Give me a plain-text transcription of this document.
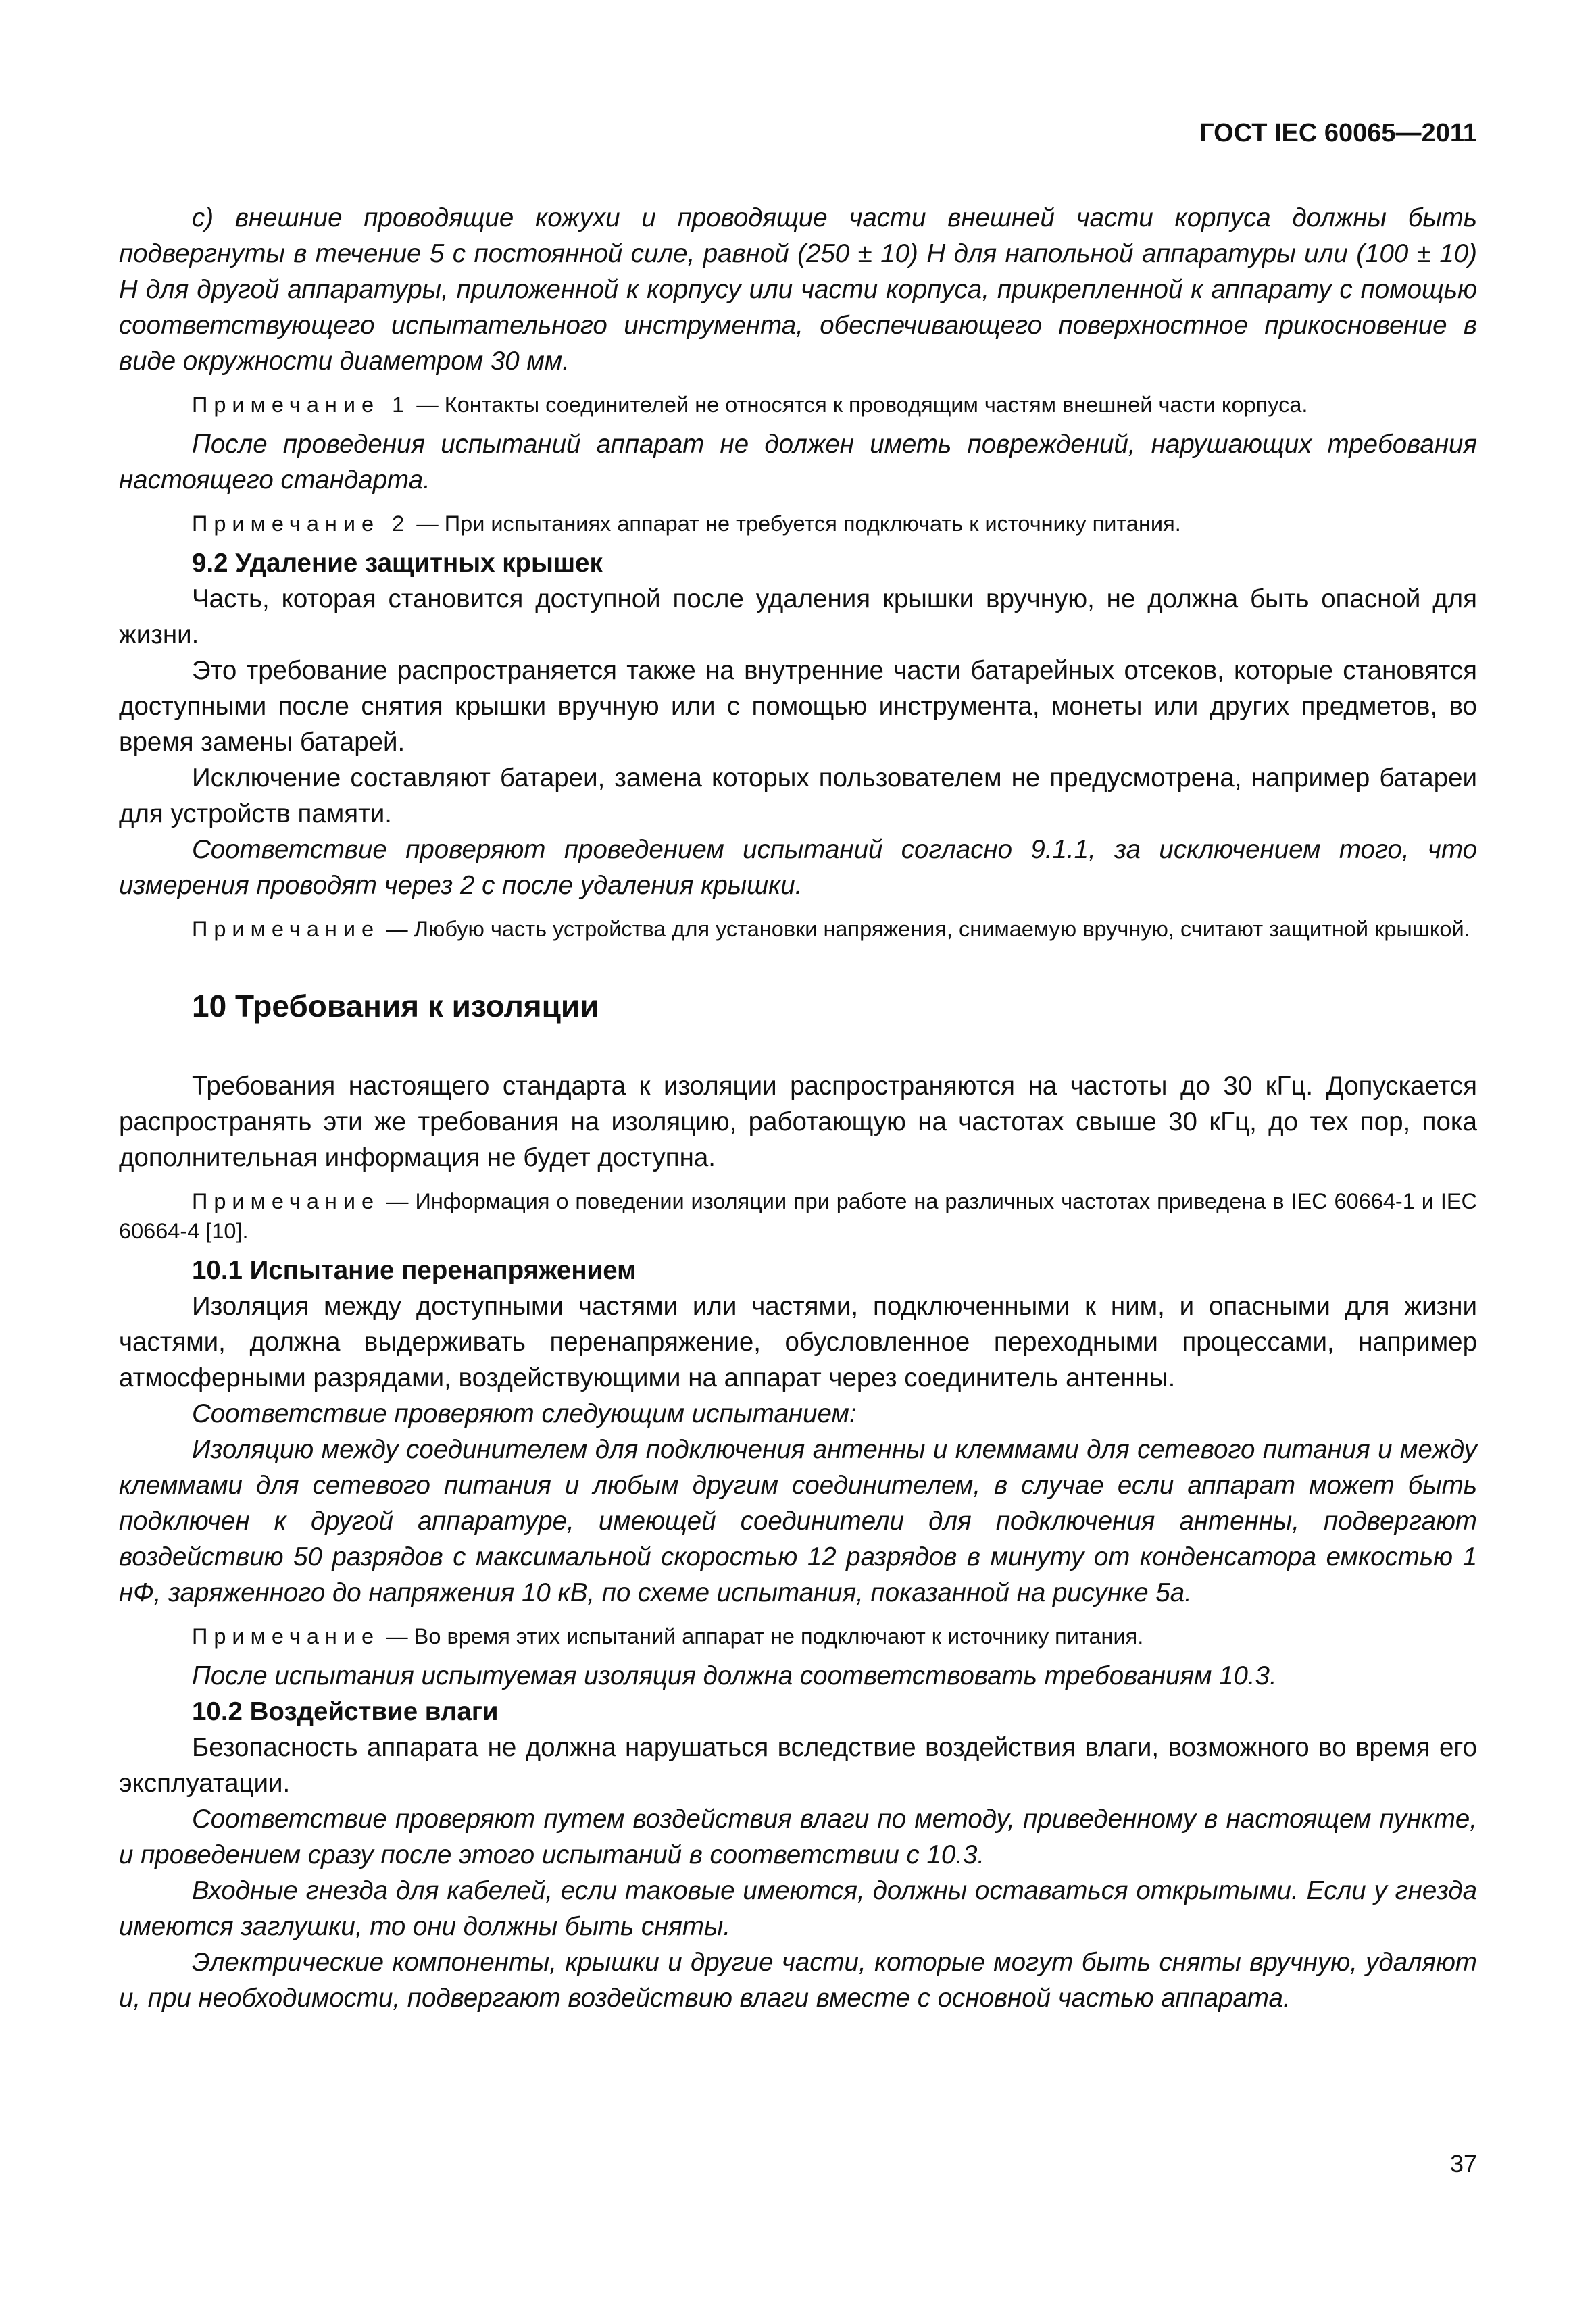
ГОСТ IEC 60065—2011

с) внешние проводящие кожухи и проводящие части внешней части корпуса должны быть подвергнуты в течение 5 с постоянной силе, равной (250 ± 10) Н для напольной аппаратуры или (100 ± 10) Н для другой аппаратуры, приложенной к корпусу или части корпуса, прикрепленной к аппарату с помощью соответствующего испытательного инструмента, обеспечивающего поверхностное прикосновение в виде окружности диаметром 30 мм.

Примечание 1 — Контакты соединителей не относятся к проводящим частям внешней части корпуса.

После проведения испытаний аппарат не должен иметь повреждений, нарушающих требования настоящего стандарта.

Примечание 2 — При испытаниях аппарат не требуется подключать к источнику питания.

9.2 Удаление защитных крышек

Часть, которая становится доступной после удаления крышки вручную, не должна быть опасной для жизни.

Это требование распространяется также на внутренние части батарейных отсеков, которые становятся доступными после снятия крышки вручную или с помощью инструмента, монеты или других предметов, во время замены батарей.

Исключение составляют батареи, замена которых пользователем не предусмотрена, например батареи для устройств памяти.

Соответствие проверяют проведением испытаний согласно 9.1.1, за исключением того, что измерения проводят через 2 с после удаления крышки.

Примечание — Любую часть устройства для установки напряжения, снимаемую вручную, считают защитной крышкой.

10 Требования к изоляции

Требования настоящего стандарта к изоляции распространяются на частоты до 30 кГц. Допускается распространять эти же требования на изоляцию, работающую на частотах свыше 30 кГц, до тех пор, пока дополнительная информация не будет доступна.

Примечание — Информация о поведении изоляции при работе на различных частотах приведена в IEC 60664-1 и IEC 60664-4 [10].

10.1 Испытание перенапряжением

Изоляция между доступными частями или частями, подключенными к ним, и опасными для жизни частями, должна выдерживать перенапряжение, обусловленное переходными процессами, например атмосферными разрядами, воздействующими на аппарат через соединитель антенны.

Соответствие проверяют следующим испытанием:

Изоляцию между соединителем для подключения антенны и клеммами для сетевого питания и между клеммами для сетевого питания и любым другим соединителем, в случае если аппарат может быть подключен к другой аппаратуре, имеющей соединители для подключения антенны, подвергают воздействию 50 разрядов с максимальной скоростью 12 разрядов в минуту от конденсатора емкостью 1 нФ, заряженного до напряжения 10 кВ, по схеме испытания, показанной на рисунке 5а.

Примечание — Во время этих испытаний аппарат не подключают к источнику питания.

После испытания испытуемая изоляция должна соответствовать требованиям 10.3.

10.2 Воздействие влаги

Безопасность аппарата не должна нарушаться вследствие воздействия влаги, возможного во время его эксплуатации.

Соответствие проверяют путем воздействия влаги по методу, приведенному в настоящем пункте, и проведением сразу после этого испытаний в соответствии с 10.3.

Входные гнезда для кабелей, если таковые имеются, должны оставаться открытыми. Если у гнезда имеются заглушки, то они должны быть сняты.

Электрические компоненты, крышки и другие части, которые могут быть сняты вручную, удаляют и, при необходимости, подвергают воздействию влаги вместе с основной частью аппарата.

37
